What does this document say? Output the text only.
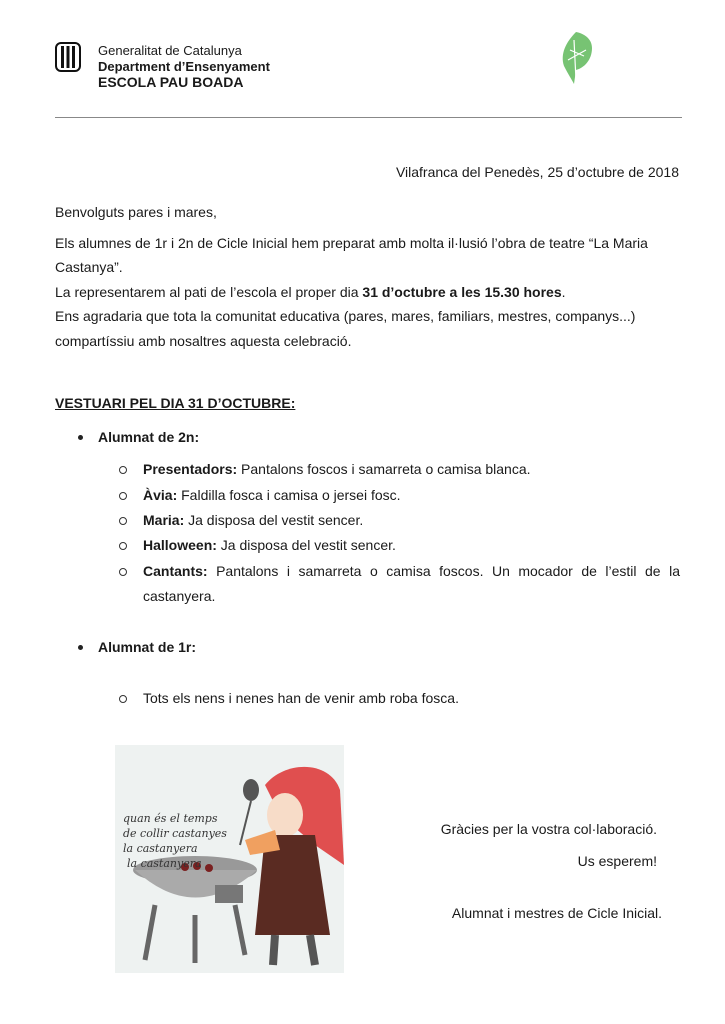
Generalitat de Catalunya
Department d’Ensenyament
ESCOLA PAU BOADA
Vilafranca del Penedès, 25 d’octubre de 2018
Benvolguts pares i mares,
Els alumnes de 1r i 2n de Cicle Inicial hem preparat amb molta il·lusió l’obra de teatre “La Maria
Castanya”.
La representarem al pati de l’escola el proper dia 31 d’octubre a les 15.30 hores.
Ens agradaria que tota la comunitat educativa (pares, mares, familiars, mestres, companys...)
compartíssiu amb nosaltres aquesta celebració.
VESTUARI PEL DIA 31 D’OCTUBRE:
Alumnat de 2n:
Presentadors: Pantalons foscos i samarreta o camisa blanca.
Àvia: Faldilla fosca i camisa o jersei fosc.
Maria: Ja disposa del vestit sencer.
Halloween: Ja disposa del vestit sencer.
Cantants: Pantalons i samarreta o camisa foscos. Un mocador de l’estil de la
castanyera.
Alumnat de 1r:
Tots els nens i nenes han de venir amb roba fosca.
quan és el temps
de collir castanyes
la castanyera
la castanyera
Gràcies per la vostra col·laboració.
Us esperem!
Alumnat i mestres de Cicle Inicial.
